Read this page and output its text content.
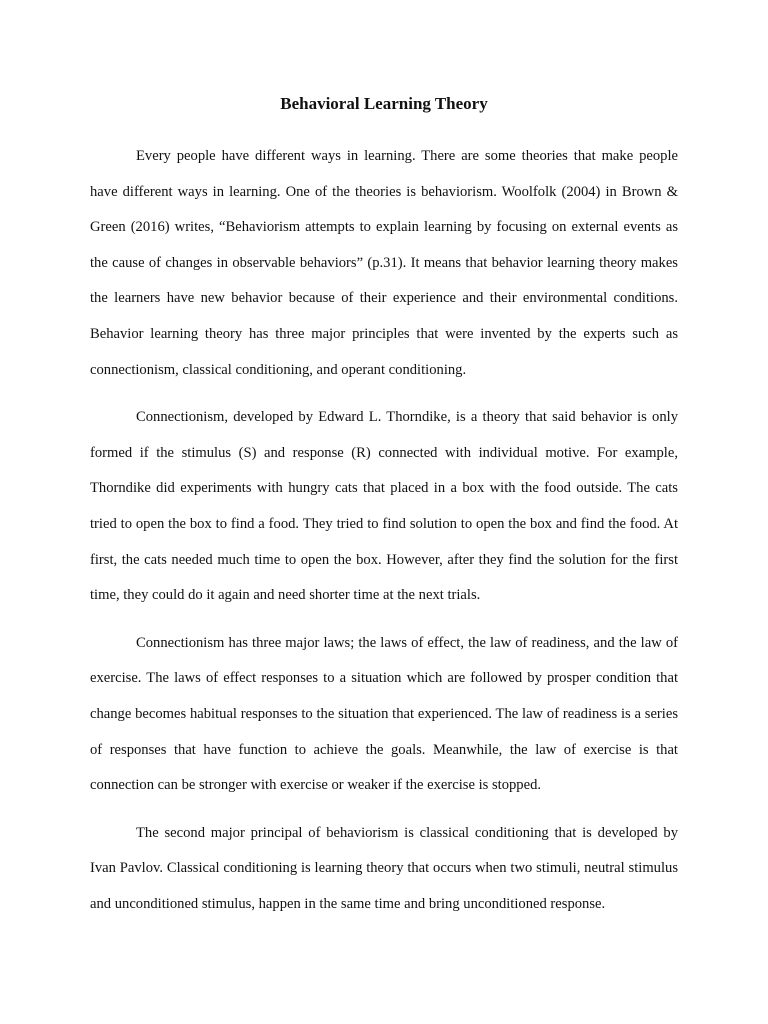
Behavioral Learning Theory

Every people have different ways in learning. There are some theories that make people have different ways in learning. One of the theories is behaviorism. Woolfolk (2004) in Brown & Green (2016) writes, “Behaviorism attempts to explain learning by focusing on external events as the cause of changes in observable behaviors” (p.31). It means that behavior learning theory makes the learners have new behavior because of their experience and their environmental conditions. Behavior learning theory has three major principles that were invented by the experts such as connectionism, classical conditioning, and operant conditioning.

Connectionism, developed by Edward L. Thorndike, is a theory that said behavior is only formed if the stimulus (S) and response (R) connected with individual motive. For example, Thorndike did experiments with hungry cats that placed in a box with the food outside. The cats tried to open the box to find a food. They tried to find solution to open the box and find the food. At first, the cats needed much time to open the box. However, after they find the solution for the first time, they could do it again and need shorter time at the next trials.

Connectionism has three major laws; the laws of effect, the law of readiness, and the law of exercise. The laws of effect responses to a situation which are followed by prosper condition that change becomes habitual responses to the situation that experienced. The law of readiness is a series of responses that have function to achieve the goals. Meanwhile, the law of exercise is that connection can be stronger with exercise or weaker if the exercise is stopped.

The second major principal of behaviorism is classical conditioning that is developed by Ivan Pavlov. Classical conditioning is learning theory that occurs when two stimuli, neutral stimulus and unconditioned stimulus, happen in the same time and bring unconditioned response.
